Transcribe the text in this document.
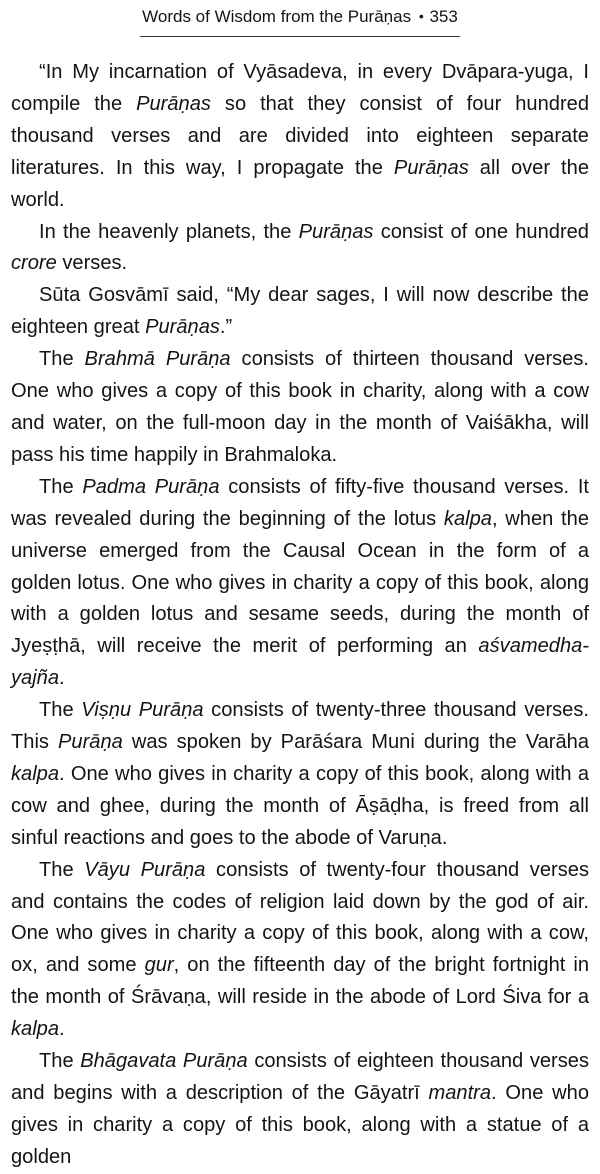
Words of Wisdom from the Purāṇas • 353

“In My incarnation of Vyāsadeva, in every Dvāpara-yuga, I compile the Purāṇas so that they consist of four hundred thousand verses and are divided into eighteen separate literatures. In this way, I propagate the Purāṇas all over the world.

In the heavenly planets, the Purāṇas consist of one hundred crore verses.

Sūta Gosvāmī said, “My dear sages, I will now describe the eighteen great Purāṇas.”

The Brahmā Purāṇa consists of thirteen thousand verses. One who gives a copy of this book in charity, along with a cow and water, on the full-moon day in the month of Vaiśākha, will pass his time happily in Brahmaloka.

The Padma Purāṇa consists of fifty-five thousand verses. It was revealed during the beginning of the lotus kalpa, when the universe emerged from the Causal Ocean in the form of a golden lotus. One who gives in charity a copy of this book, along with a golden lotus and sesame seeds, during the month of Jyeṣṭhā, will receive the merit of performing an aśvamedha-yajña.

The Viṣṇu Purāṇa consists of twenty-three thousand verses. This Purāṇa was spoken by Parāśara Muni during the Varāha kalpa. One who gives in charity a copy of this book, along with a cow and ghee, during the month of Āṣāḍha, is freed from all sinful reactions and goes to the abode of Varuṇa.

The Vāyu Purāṇa consists of twenty-four thousand verses and contains the codes of religion laid down by the god of air. One who gives in charity a copy of this book, along with a cow, ox, and some gur, on the fifteenth day of the bright fortnight in the month of Śrāvaṇa, will reside in the abode of Lord Śiva for a kalpa.

The Bhāgavata Purāṇa consists of eighteen thousand verses and begins with a description of the Gāyatrī mantra. One who gives in charity a copy of this book, along with a statue of a golden
